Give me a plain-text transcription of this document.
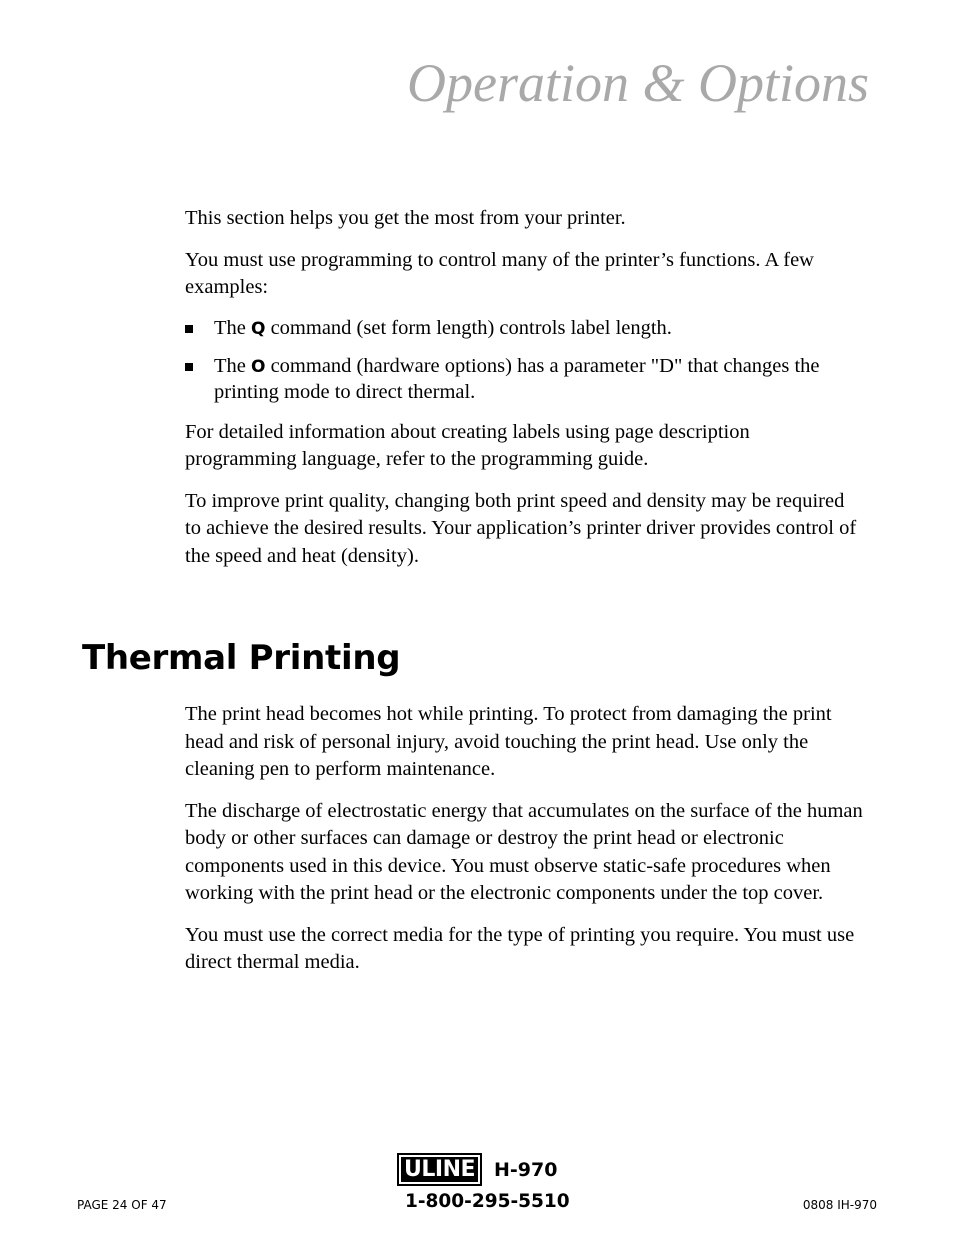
Operation & Options

This section helps you get the most from your printer.

You must use programming to control many of the printer’s functions. A few examples:

The Q command (set form length) controls label length.
The O command (hardware options) has a parameter "D" that changes the printing mode to direct thermal.

For detailed information about creating labels using page description programming language, refer to the programming guide.

To improve print quality, changing both print speed and density may be required to achieve the desired results. Your application’s printer driver provides control of the speed and heat (density).

Thermal Printing

The print head becomes hot while printing. To protect from damaging the print head and risk of personal injury, avoid touching the print head. Use only the cleaning pen to perform maintenance.

The discharge of electrostatic energy that accumulates on the surface of the human body or other surfaces can damage or destroy the print head or electronic components used in this device. You must observe static-safe procedures when working with the print head or the electronic components under the top cover.

You must use the correct media for the type of printing you require. You must use direct thermal media.

PAGE 24 OF 47
ULINE	H-970
1-800-295-5510	0808 IH-970
